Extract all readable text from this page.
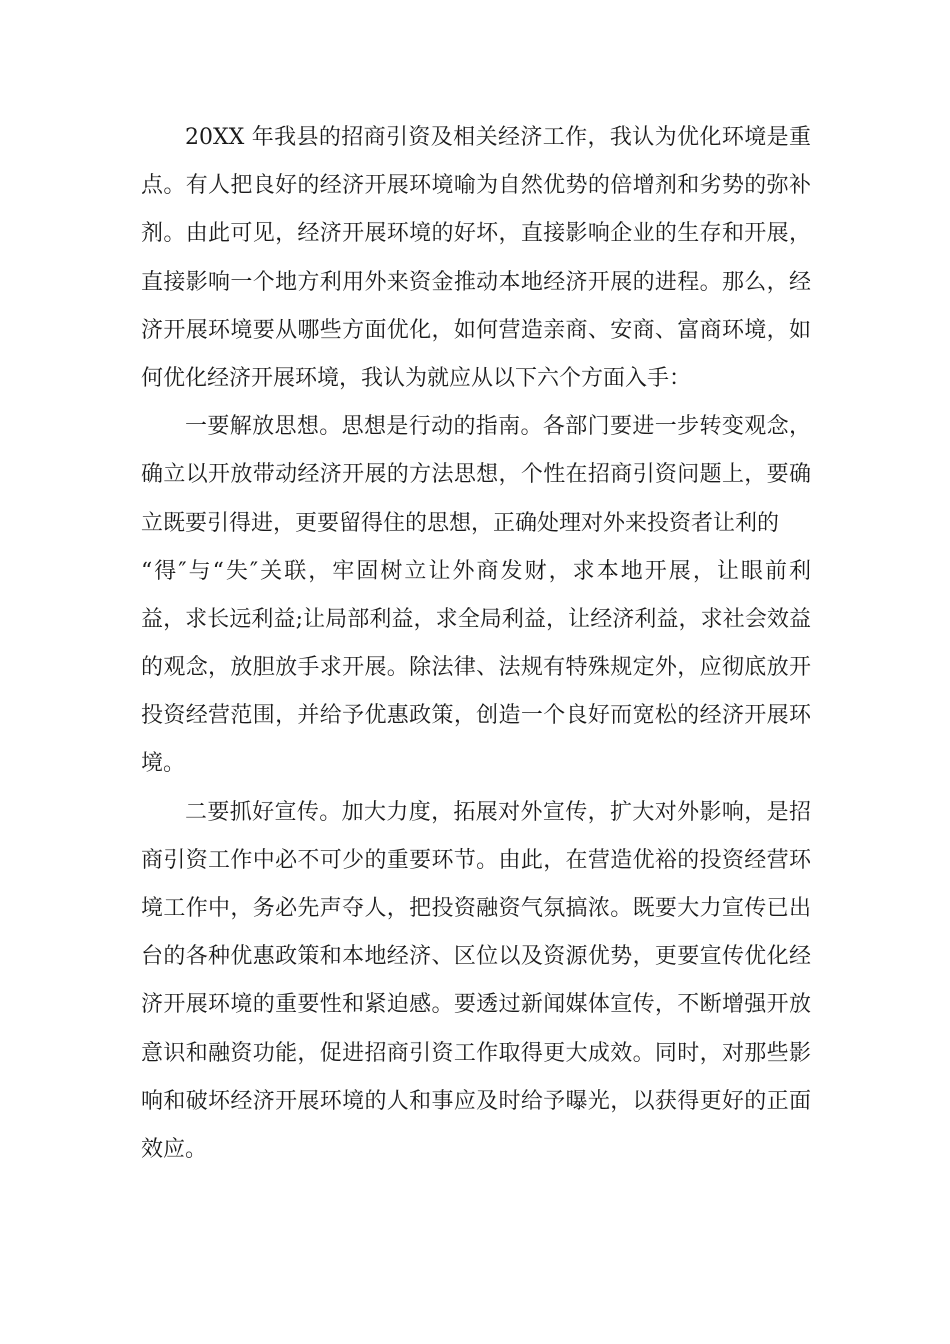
20XX 年我县的招商引资及相关经济工作，我认为优化环境是重
点。有人把良好的经济开展环境喻为自然优势的倍增剂和劣势的弥补
剂。由此可见，经济开展环境的好坏，直接影响企业的生存和开展，
直接影响一个地方利用外来资金推动本地经济开展的进程。那么，经
济开展环境要从哪些方面优化，如何营造亲商、安商、富商环境，如
何优化经济开展环境，我认为就应从以下六个方面入手：
一要解放思想。思想是行动的指南。各部门要进一步转变观念，
确立以开放带动经济开展的方法思想，个性在招商引资问题上，要确
立既要引得进，更要留得住的思想，正确处理对外来投资者让利的
“得″与“失″关联，牢固树立让外商发财，求本地开展，让眼前利
益，求长远利益;让局部利益，求全局利益，让经济利益，求社会效益
的观念，放胆放手求开展。除法律、法规有特殊规定外，应彻底放开
投资经营范围，并给予优惠政策，创造一个良好而宽松的经济开展环
境。
二要抓好宣传。加大力度，拓展对外宣传，扩大对外影响，是招
商引资工作中必不可少的重要环节。由此，在营造优裕的投资经营环
境工作中，务必先声夺人，把投资融资气氛搞浓。既要大力宣传已出
台的各种优惠政策和本地经济、区位以及资源优势，更要宣传优化经
济开展环境的重要性和紧迫感。要透过新闻媒体宣传，不断增强开放
意识和融资功能，促进招商引资工作取得更大成效。同时，对那些影
响和破坏经济开展环境的人和事应及时给予曝光，以获得更好的正面
效应。
